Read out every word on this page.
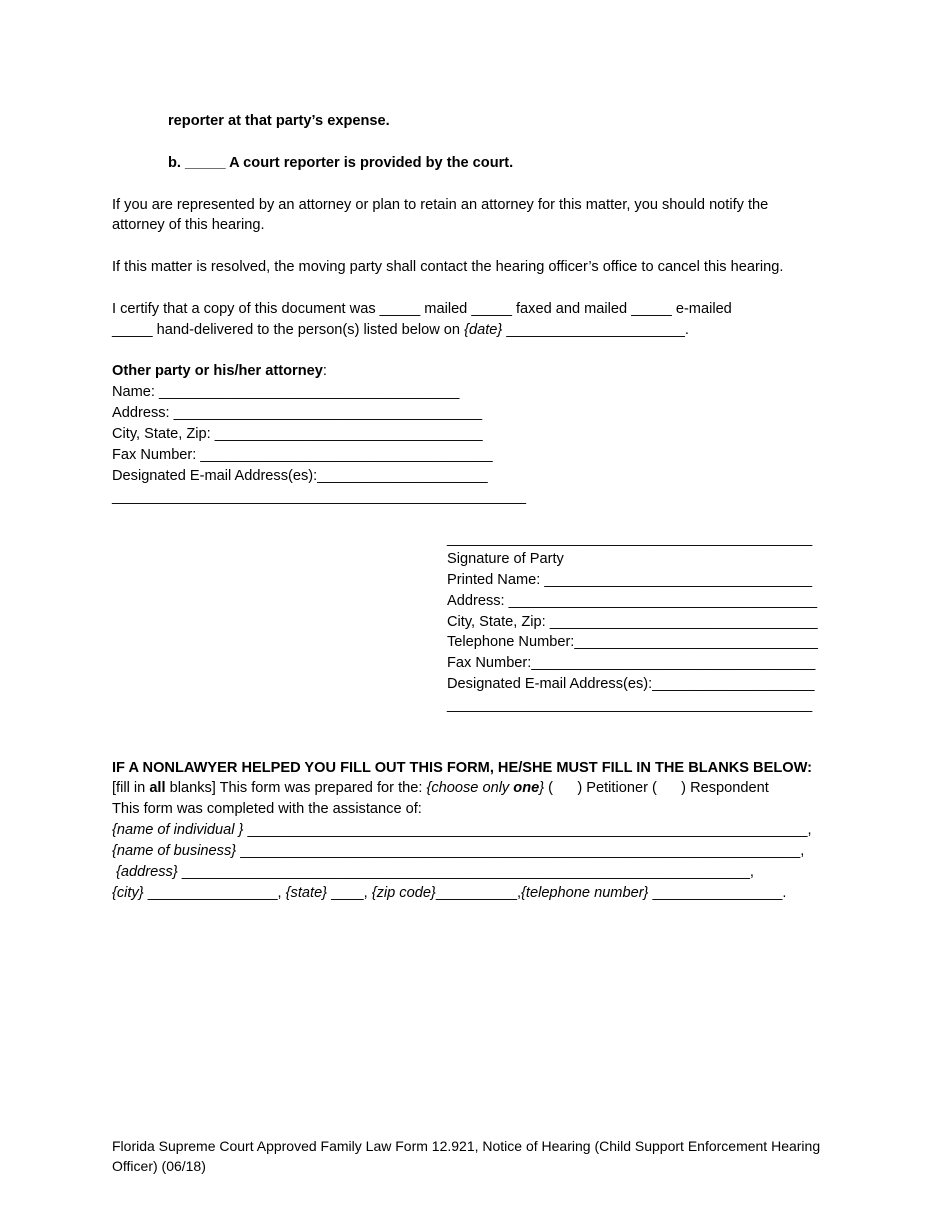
reporter at that party’s expense.
b. _____ A court reporter is provided by the court.
If you are represented by an attorney or plan to retain an attorney for this matter, you should notify the
attorney of this hearing.
If this matter is resolved, the moving party shall contact the hearing officer’s office to cancel this hearing.
I certify that a copy of this document was _____ mailed _____ faxed and mailed _____ e-mailed
_____ hand-delivered to the person(s) listed below on {date} ______________________.
Other party or his/her attorney:
Name: _____________________________________
Address: ______________________________________
City, State, Zip: _________________________________
Fax Number: ____________________________________
Designated E-mail Address(es):_____________________
___________________________________________________
_____________________________________________
Signature of Party
Printed Name: _________________________________
Address: ______________________________________
City, State, Zip: _________________________________
Telephone Number:______________________________
Fax Number:___________________________________
Designated E-mail Address(es):____________________
_____________________________________________
IF A NONLAWYER HELPED YOU FILL OUT THIS FORM, HE/SHE MUST FILL IN THE BLANKS BELOW:
[fill in all blanks] This form was prepared for the: {choose only one} (      ) Petitioner (      ) Respondent
This form was completed with the assistance of:
{name of individual } _____________________________________________________________________,
{name of business} _____________________________________________________________________,
{address} ______________________________________________________________________,
{city} ________________, {state} ____, {zip code}__________,{telephone number} ________________.
Florida Supreme Court Approved Family Law Form 12.921, Notice of Hearing (Child Support Enforcement Hearing
Officer) (06/18)
